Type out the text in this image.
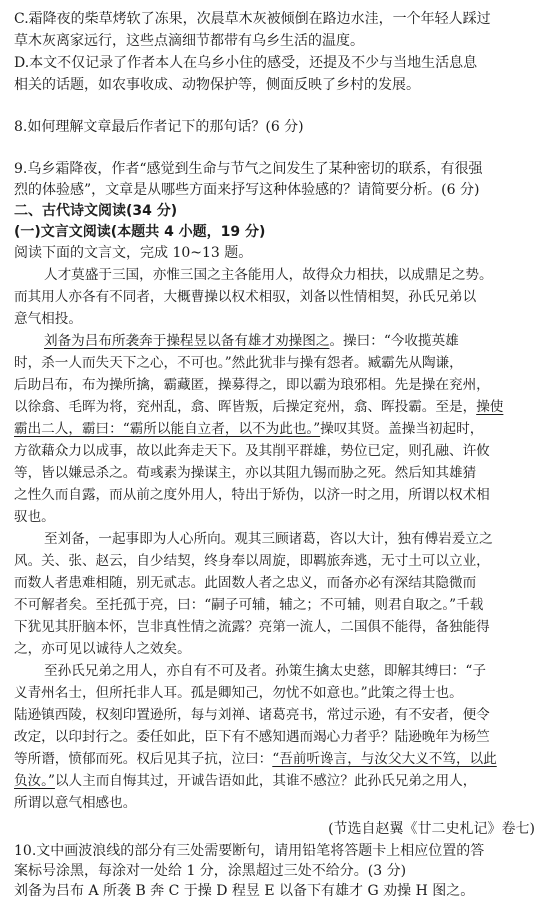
C.霜降夜的柴草烤软了冻果，次晨草木灰被倾倒在路边水洼，一个年轻人踩过
草木灰离家远行，这些点滴细节都带有乌乡生活的温度。
D.本文不仅记录了作者本人在乌乡小住的感受，还提及不少与当地生活息息
相关的话题，如农事收成、动物保护等，侧面反映了乡村的发展。
8.如何理解文章最后作者记下的那句话？(6 分)
9.乌乡霜降夜，作者“感觉到生命与节气之间发生了某种密切的联系，有很强
烈的体验感”，文章是从哪些方面来抒写这种体验感的？请简要分析。(6 分)
二、古代诗文阅读(34 分)
(一)文言文阅读(本题共 4 小题，19 分)
阅读下面的文言文，完成 10~13 题。
人才莫盛于三国，亦惟三国之主各能用人，故得众力相扶，以成鼎足之势。
而其用人亦各有不同者，大概曹操以权术相驭，刘备以性情相契，孙氏兄弟以
意气相投。
刘备为吕布所袭奔于操程昱以备有雄才劝操图之。操曰：“今收揽英雄
时，杀一人而失天下之心，不可也。”然此犹非与操有怨者。臧霸先从陶谦，
后助吕布，布为操所擒，霸藏匿，操募得之，即以霸为琅邪相。先是操在兖州，
以徐翕、毛晖为将，兖州乱，翕、晖皆叛，后操定兖州，翕、晖投霸。至是，操使
霸出二人，霸曰：“霸所以能自立者，以不为此也。”操叹其贤。盖操当初起时，
方欲藉众力以成事，故以此奔走天下。及其削平群雄，势位已定，则孔融、许攸
等，皆以嫌忌杀之。荀彧素为操谋主，亦以其阻九锡而胁之死。然后知其雄猜
之性久而自露，而从前之度外用人，特出于矫伪，以济一时之用，所谓以权术相
驭也。
至刘备，一起事即为人心所向。观其三顾诸葛，咨以大计，独有傅岩爰立之
风。关、张、赵云，自少结契，终身奉以周旋，即羁旅奔逃，无寸土可以立业，
而数人者患难相随，别无贰志。此固数人者之忠义，而备亦必有深结其隐微而
不可解者矣。至托孤于亮，曰：“嗣子可辅，辅之；不可辅，则君自取之。”千载
下犹见其肝脑本怀，岂非真性情之流露？亮第一流人，二国俱不能得，备独能得
之，亦可见以诚待人之效矣。
至孙氏兄弟之用人，亦自有不可及者。孙策生擒太史慈，即解其缚曰：“子
义青州名士，但所托非人耳。孤是卿知己，勿忧不如意也。”此策之得士也。
陆逊镇西陵，权刻印置逊所，每与刘禅、诸葛亮书，常过示逊，有不安者，便令
改定，以印封行之。委任如此，臣下有不感知遇而竭心力者乎？陆逊晚年为杨竺
等所谮，愤郁而死。权后见其子抗，泣曰：“吾前听谗言，与汝父大义不笃，以此
负汝。”以人主而自悔其过，开诚告语如此，其谁不感泣？此孙氏兄弟之用人，
所谓以意气相感也。
(节选自赵翼《廿二史札记》卷七)
10.文中画波浪线的部分有三处需要断句，请用铅笔将答题卡上相应位置的答
案标号涂黑，每涂对一处给 1 分，涂黑超过三处不给分。(3 分)
刘备为吕布 A 所袭 B 奔 C 于操 D 程昱 E 以备下有雄才 G 劝操 H 图之。
